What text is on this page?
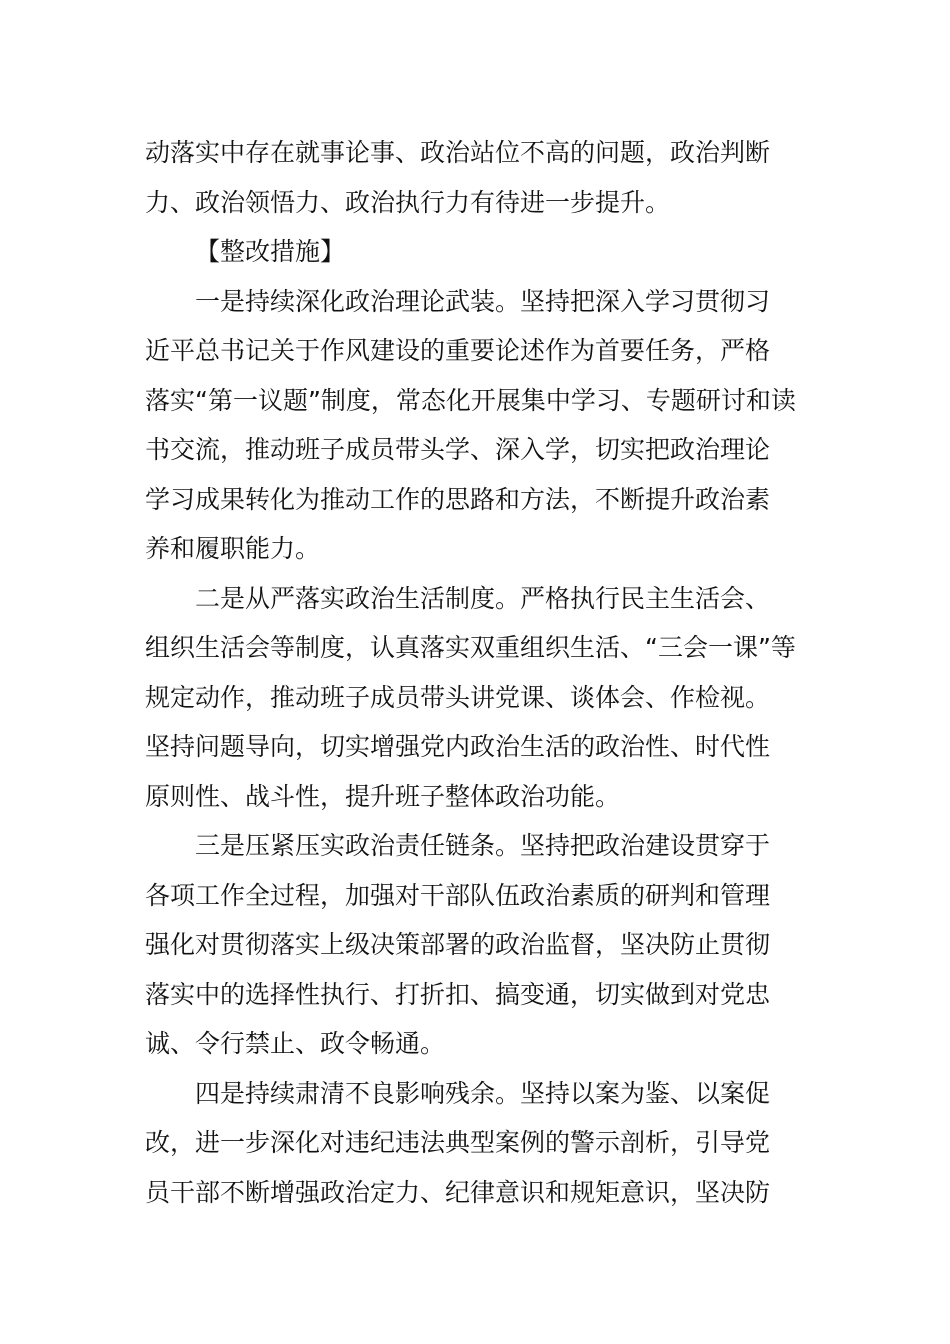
动落实中存在就事论事、政治站位不高的问题，政治判断
力、政治领悟力、政治执行力有待进一步提升。
【整改措施】
一是持续深化政治理论武装。坚持把深入学习贯彻习
近平总书记关于作风建设的重要论述作为首要任务，严格
落实“第一议题”制度，常态化开展集中学习、专题研讨和读
书交流，推动班子成员带头学、深入学，切实把政治理论
学习成果转化为推动工作的思路和方法，不断提升政治素
养和履职能力。
二是从严落实政治生活制度。严格执行民主生活会、
组织生活会等制度，认真落实双重组织生活、“三会一课”等
规定动作，推动班子成员带头讲党课、谈体会、作检视。
坚持问题导向，切实增强党内政治生活的政治性、时代性
原则性、战斗性，提升班子整体政治功能。
三是压紧压实政治责任链条。坚持把政治建设贯穿于
各项工作全过程，加强对干部队伍政治素质的研判和管理
强化对贯彻落实上级决策部署的政治监督，坚决防止贯彻
落实中的选择性执行、打折扣、搞变通，切实做到对党忠
诚、令行禁止、政令畅通。
四是持续肃清不良影响残余。坚持以案为鉴、以案促
改，进一步深化对违纪违法典型案例的警示剖析，引导党
员干部不断增强政治定力、纪律意识和规矩意识，坚决防
